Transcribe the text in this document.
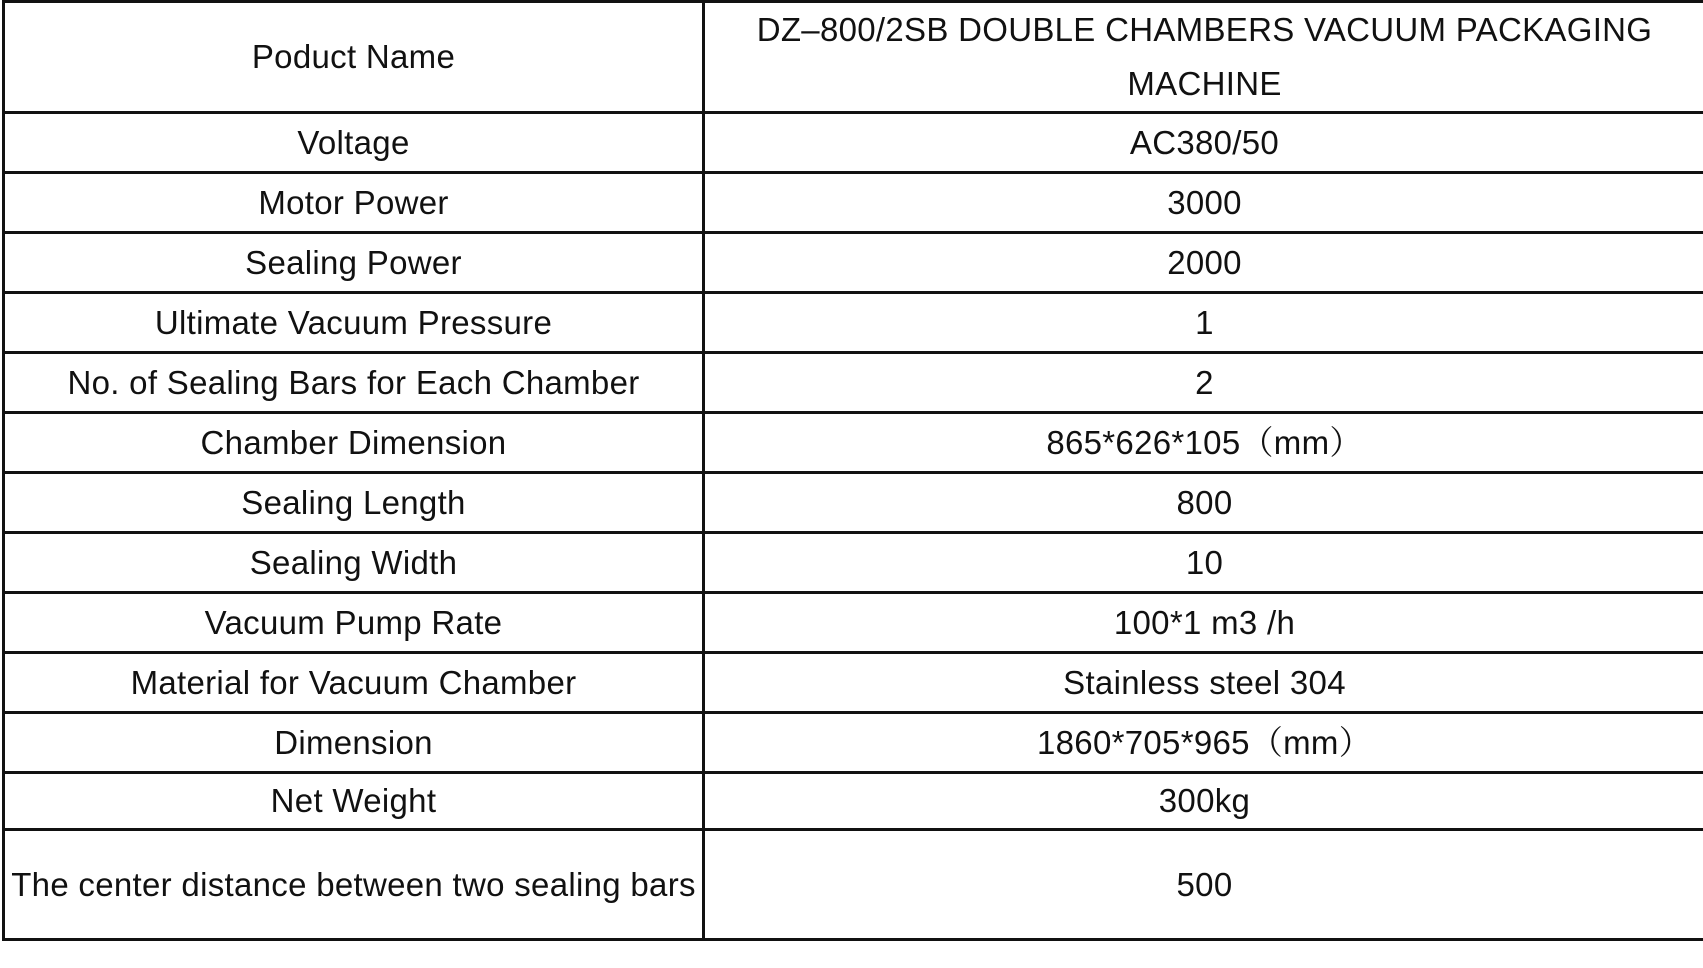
Poduct Name	DZ–800/2SB DOUBLE CHAMBERS VACUUM PACKAGING MACHINE
Voltage	AC380/50
Motor Power	3000
Sealing Power	2000
Ultimate Vacuum Pressure	1
No. of Sealing Bars for Each Chamber	2
Chamber Dimension	865*626*105（mm）
Sealing Length	800
Sealing Width	10
Vacuum Pump Rate	100*1 m3 /h
Material for Vacuum Chamber	Stainless steel 304
Dimension	1860*705*965（mm）
Net Weight	300kg
The center distance between two sealing bars	500
